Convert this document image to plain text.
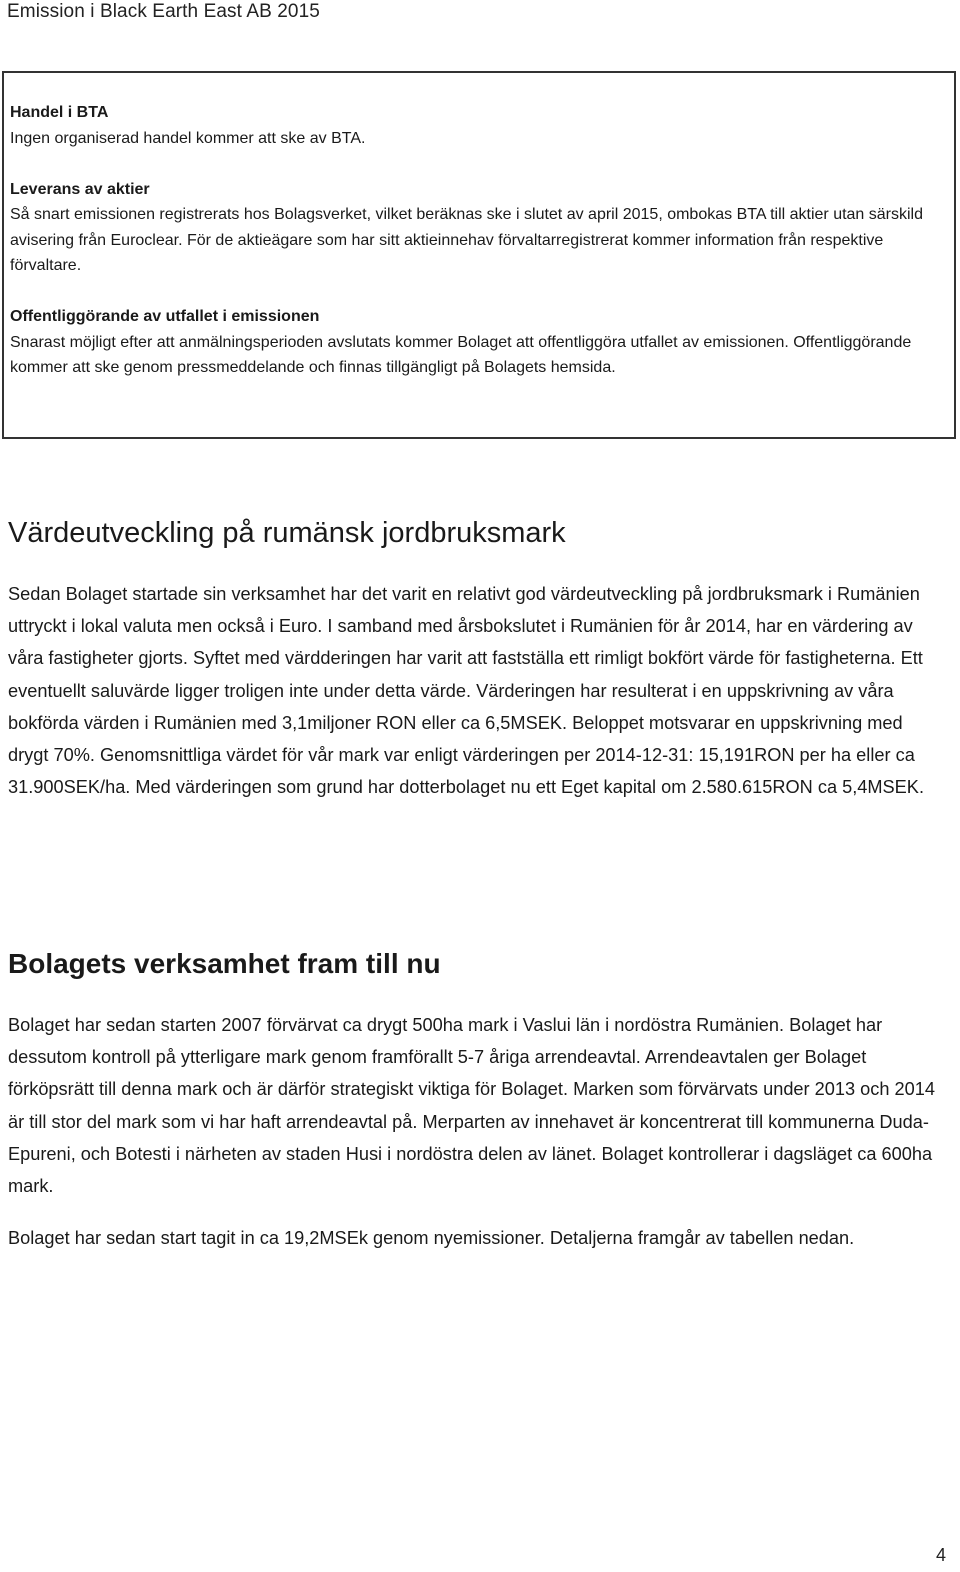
Emission i Black Earth East AB 2015
Handel i BTA
Ingen organiserad handel kommer att ske av BTA.
Leverans av aktier
Så snart emissionen registrerats hos Bolagsverket, vilket beräknas ske i slutet av april 2015, ombokas BTA till aktier utan särskild avisering från Euroclear. För de aktieägare som har sitt aktieinnehav förvaltarregistrerat kommer information från respektive förvaltare.
Offentliggörande av utfallet i emissionen
Snarast möjligt efter att anmälningsperioden avslutats kommer Bolaget att offentliggöra utfallet av emissionen. Offentliggörande kommer att ske genom pressmeddelande och finnas tillgängligt på Bolagets hemsida.
Värdeutveckling på rumänsk jordbruksmark

Sedan Bolaget startade sin verksamhet har det varit en relativt god värdeutveckling på jordbruksmark i Rumänien uttryckt i lokal valuta men också i Euro. I samband med årsbokslutet i Rumänien för år 2014, har en värdering av våra fastigheter gjorts. Syftet med värdderingen har varit att fastställa ett rimligt bokfört värde för fastigheterna. Ett eventuellt saluvärde ligger troligen inte under detta värde. Värderingen har resulterat i en uppskrivning av våra bokförda värden i Rumänien med 3,1miljoner RON eller ca 6,5MSEK. Beloppet motsvarar en uppskrivning med drygt 70%. Genomsnittliga värdet för vår mark var enligt värderingen per 2014-12-31: 15,191RON per ha eller ca 31.900SEK/ha. Med värderingen som grund har dotterbolaget nu ett Eget kapital om 2.580.615RON ca 5,4MSEK.

Bolagets verksamhet fram till nu

Bolaget har sedan starten 2007 förvärvat ca drygt 500ha mark i Vaslui län i nordöstra Rumänien. Bolaget har dessutom kontroll på ytterligare mark genom framförallt 5-7 åriga arrendeavtal. Arrendeavtalen ger Bolaget förköpsrätt till denna mark och är därför strategiskt viktiga för Bolaget. Marken som förvärvats under 2013 och 2014 är till stor del mark som vi har haft arrendeavtal på. Merparten av innehavet är koncentrerat till kommunerna Duda-Epureni, och Botesti i närheten av staden Husi i nordöstra delen av länet. Bolaget kontrollerar i dagsläget ca 600ha mark.

Bolaget har sedan start tagit in ca 19,2MSEk genom nyemissioner. Detaljerna framgår av tabellen nedan.

4
